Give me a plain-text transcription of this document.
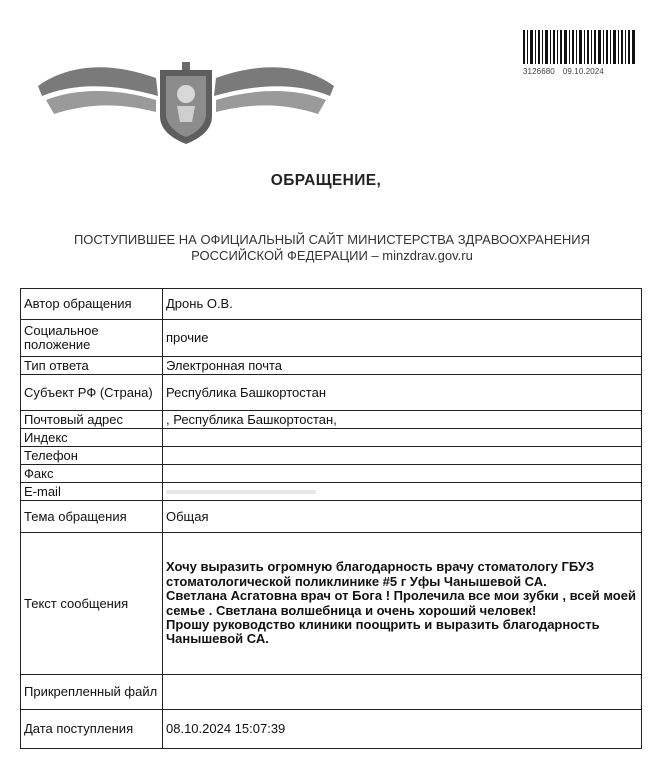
3126680 09.10.2024
ОБРАЩЕНИЕ,
ПОСТУПИВШЕЕ НА ОФИЦИАЛЬНЫЙ САЙТ МИНИСТЕРСТВА ЗДРАВООХРАНЕНИЯ
РОССИЙСКОЙ ФЕДЕРАЦИИ – minzdrav.gov.ru
Автор обращения	Дронь О.В.
Социальное положение	прочие
Тип ответа	Электронная почта
Субъект РФ (Страна)	Республика Башкортостан
Почтовый адрес	, Республика Башкортостан,
Индекс	
Телефон	
Факс	
E-mail	
Тема обращения	Общая
Текст сообщения	Хочу выразить огромную благодарность врачу стоматологу ГБУЗ стоматологической поликлинике #5 г Уфы Чанышевой СА.
Светлана Асгатовна врач от Бога ! Пролечила все мои зубки , всей моей семье . Светлана волшебница и очень хороший человек!
Прошу руководство клиники поощрить и выразить благодарность Чанышевой СА.

Прикрепленный файл	
Дата поступления	08.10.2024 15:07:39
